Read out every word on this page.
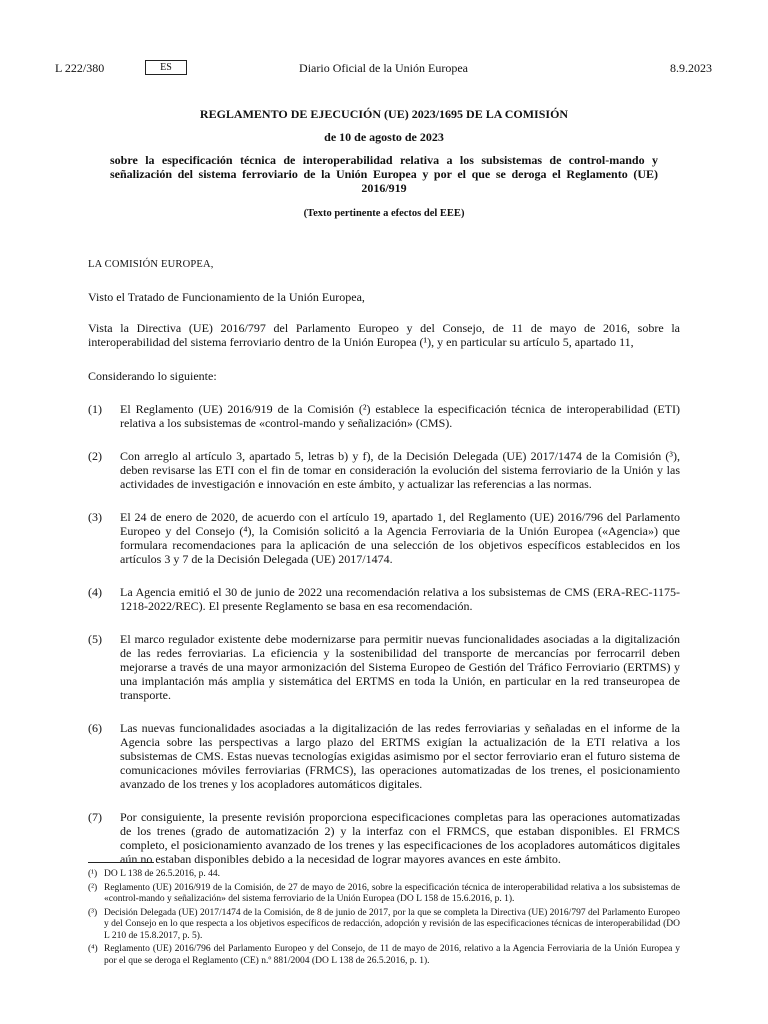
L 222/380	ES	Diario Oficial de la Unión Europea	8.9.2023
REGLAMENTO DE EJECUCIÓN (UE) 2023/1695 DE LA COMISIÓN
de 10 de agosto de 2023
sobre la especificación técnica de interoperabilidad relativa a los subsistemas de control-mando y señalización del sistema ferroviario de la Unión Europea y por el que se deroga el Reglamento (UE) 2016/919
(Texto pertinente a efectos del EEE)

LA COMISIÓN EUROPEA,

Visto el Tratado de Funcionamiento de la Unión Europea,

Vista la Directiva (UE) 2016/797 del Parlamento Europeo y del Consejo, de 11 de mayo de 2016, sobre la interoperabilidad del sistema ferroviario dentro de la Unión Europea (¹), y en particular su artículo 5, apartado 11,

Considerando lo siguiente:

(1) El Reglamento (UE) 2016/919 de la Comisión (²) establece la especificación técnica de interoperabilidad (ETI) relativa a los subsistemas de «control-mando y señalización» (CMS).
(2) Con arreglo al artículo 3, apartado 5, letras b) y f), de la Decisión Delegada (UE) 2017/1474 de la Comisión (³), deben revisarse las ETI con el fin de tomar en consideración la evolución del sistema ferroviario de la Unión y las actividades de investigación e innovación en este ámbito, y actualizar las referencias a las normas.
(3) El 24 de enero de 2020, de acuerdo con el artículo 19, apartado 1, del Reglamento (UE) 2016/796 del Parlamento Europeo y del Consejo (⁴), la Comisión solicitó a la Agencia Ferroviaria de la Unión Europea («Agencia») que formulara recomendaciones para la aplicación de una selección de los objetivos específicos establecidos en los artículos 3 y 7 de la Decisión Delegada (UE) 2017/1474.
(4) La Agencia emitió el 30 de junio de 2022 una recomendación relativa a los subsistemas de CMS (ERA-REC-1175-1218-2022/REC). El presente Reglamento se basa en esa recomendación.
(5) El marco regulador existente debe modernizarse para permitir nuevas funcionalidades asociadas a la digitalización de las redes ferroviarias. La eficiencia y la sostenibilidad del transporte de mercancías por ferrocarril deben mejorarse a través de una mayor armonización del Sistema Europeo de Gestión del Tráfico Ferroviario (ERTMS) y una implantación más amplia y sistemática del ERTMS en toda la Unión, en particular en la red transeuropea de transporte.
(6) Las nuevas funcionalidades asociadas a la digitalización de las redes ferroviarias y señaladas en el informe de la Agencia sobre las perspectivas a largo plazo del ERTMS exigían la actualización de la ETI relativa a los subsistemas de CMS. Estas nuevas tecnologías exigidas asimismo por el sector ferroviario eran el futuro sistema de comunicaciones móviles ferroviarias (FRMCS), las operaciones automatizadas de los trenes, el posicionamiento avanzado de los trenes y los acopladores automáticos digitales.
(7) Por consiguiente, la presente revisión proporciona especificaciones completas para las operaciones automatizadas de los trenes (grado de automatización 2) y la interfaz con el FRMCS, que estaban disponibles. El FRMCS completo, el posicionamiento avanzado de los trenes y las especificaciones de los acopladores automáticos digitales aún no estaban disponibles debido a la necesidad de lograr mayores avances en este ámbito.
(¹) DO L 138 de 26.5.2016, p. 44.
(²) Reglamento (UE) 2016/919 de la Comisión, de 27 de mayo de 2016, sobre la especificación técnica de interoperabilidad relativa a los subsistemas de «control-mando y señalización» del sistema ferroviario de la Unión Europea (DO L 158 de 15.6.2016, p. 1).
(³) Decisión Delegada (UE) 2017/1474 de la Comisión, de 8 de junio de 2017, por la que se completa la Directiva (UE) 2016/797 del Parlamento Europeo y del Consejo en lo que respecta a los objetivos específicos de redacción, adopción y revisión de las especificaciones técnicas de interoperabilidad (DO L 210 de 15.8.2017, p. 5).
(⁴) Reglamento (UE) 2016/796 del Parlamento Europeo y del Consejo, de 11 de mayo de 2016, relativo a la Agencia Ferroviaria de la Unión Europea y por el que se deroga el Reglamento (CE) n.º 881/2004 (DO L 138 de 26.5.2016, p. 1).
